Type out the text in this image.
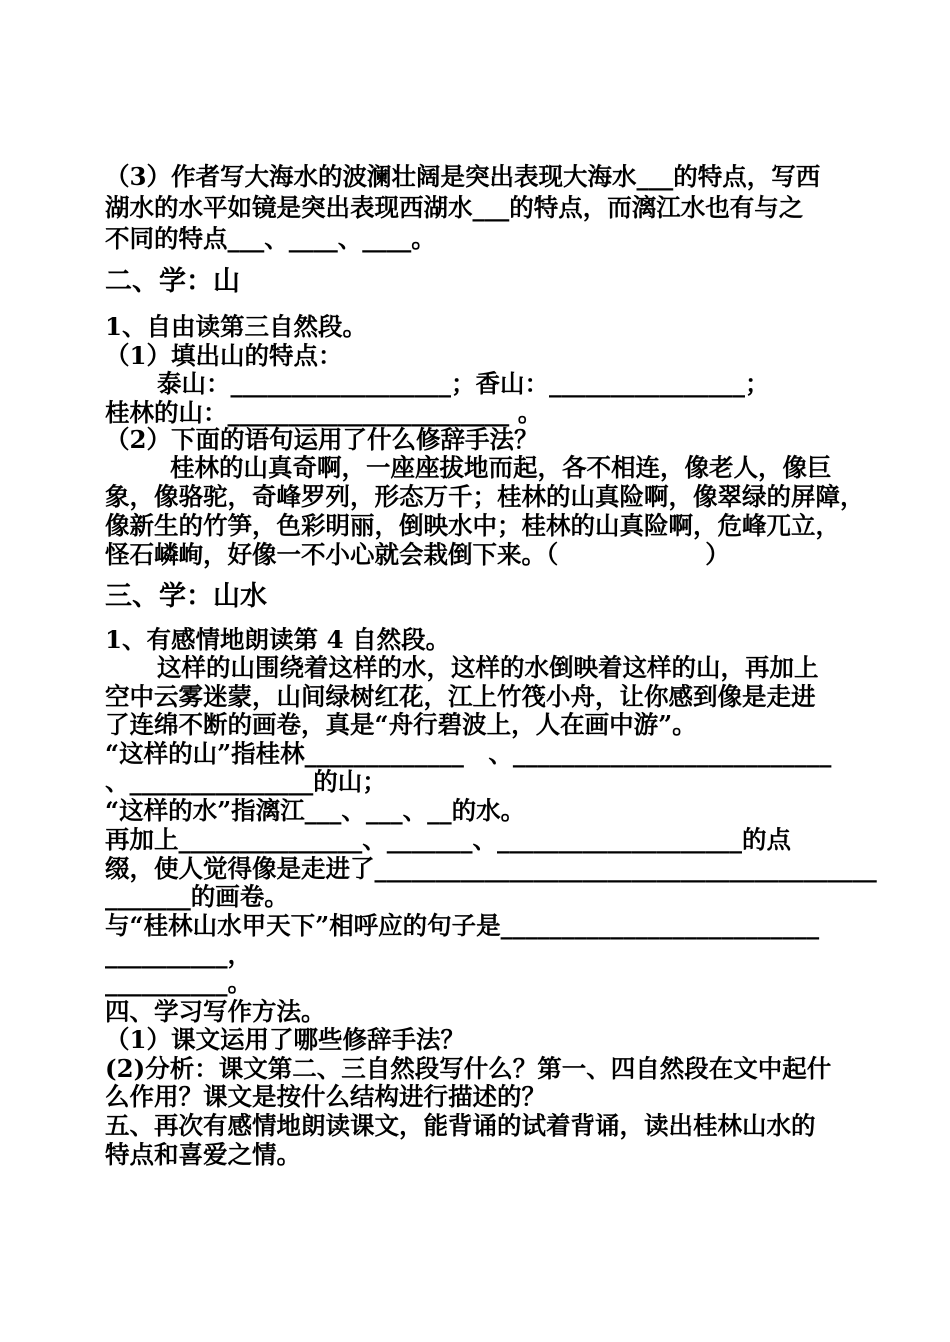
（3）作者写大海水的波澜壮阔是突出表现大海水___的特点，写西
湖水的水平如镜是突出表现西湖水___的特点，而漓江水也有与之
不同的特点___、____、____。
二、学：山
1、自由读第三自然段。
（1）填出山的特点：
泰山：__________________；香山：________________；
桂林的山：_______________________ 。
（2）下面的语句运用了什么修辞手法？
桂林的山真奇啊，一座座拔地而起，各不相连，像老人，像巨
象，像骆驼，奇峰罗列，形态万千；桂林的山真险啊，像翠绿的屏障，
像新生的竹笋，色彩明丽，倒映水中；桂林的山真险啊，危峰兀立，
怪石嶙峋，好像一不小心就会栽倒下来。（　　　　　　）
三、学：山水
1、有感情地朗读第 4 自然段。
这样的山围绕着这样的水，这样的水倒映着这样的山，再加上
空中云雾迷蒙，山间绿树红花，江上竹筏小舟，让你感到像是走进
了连绵不断的画卷，真是“舟行碧波上，人在画中游”。
“这样的山”指桂林_____________　、__________________________
、_______________的山；
“这样的水”指漓江___、___、__的水。
再加上_______________、_______、____________________的点
缀，使人觉得像是走进了_________________________________________
_______的画卷。
与“桂林山水甲天下”相呼应的句子是__________________________
__________，
__________。
四、学习写作方法。
（1）课文运用了哪些修辞手法？
(2)分析：课文第二、三自然段写什么？第一、四自然段在文中起什
么作用？课文是按什么结构进行描述的？
五、再次有感情地朗读课文，能背诵的试着背诵，读出桂林山水的
特点和喜爱之情。
